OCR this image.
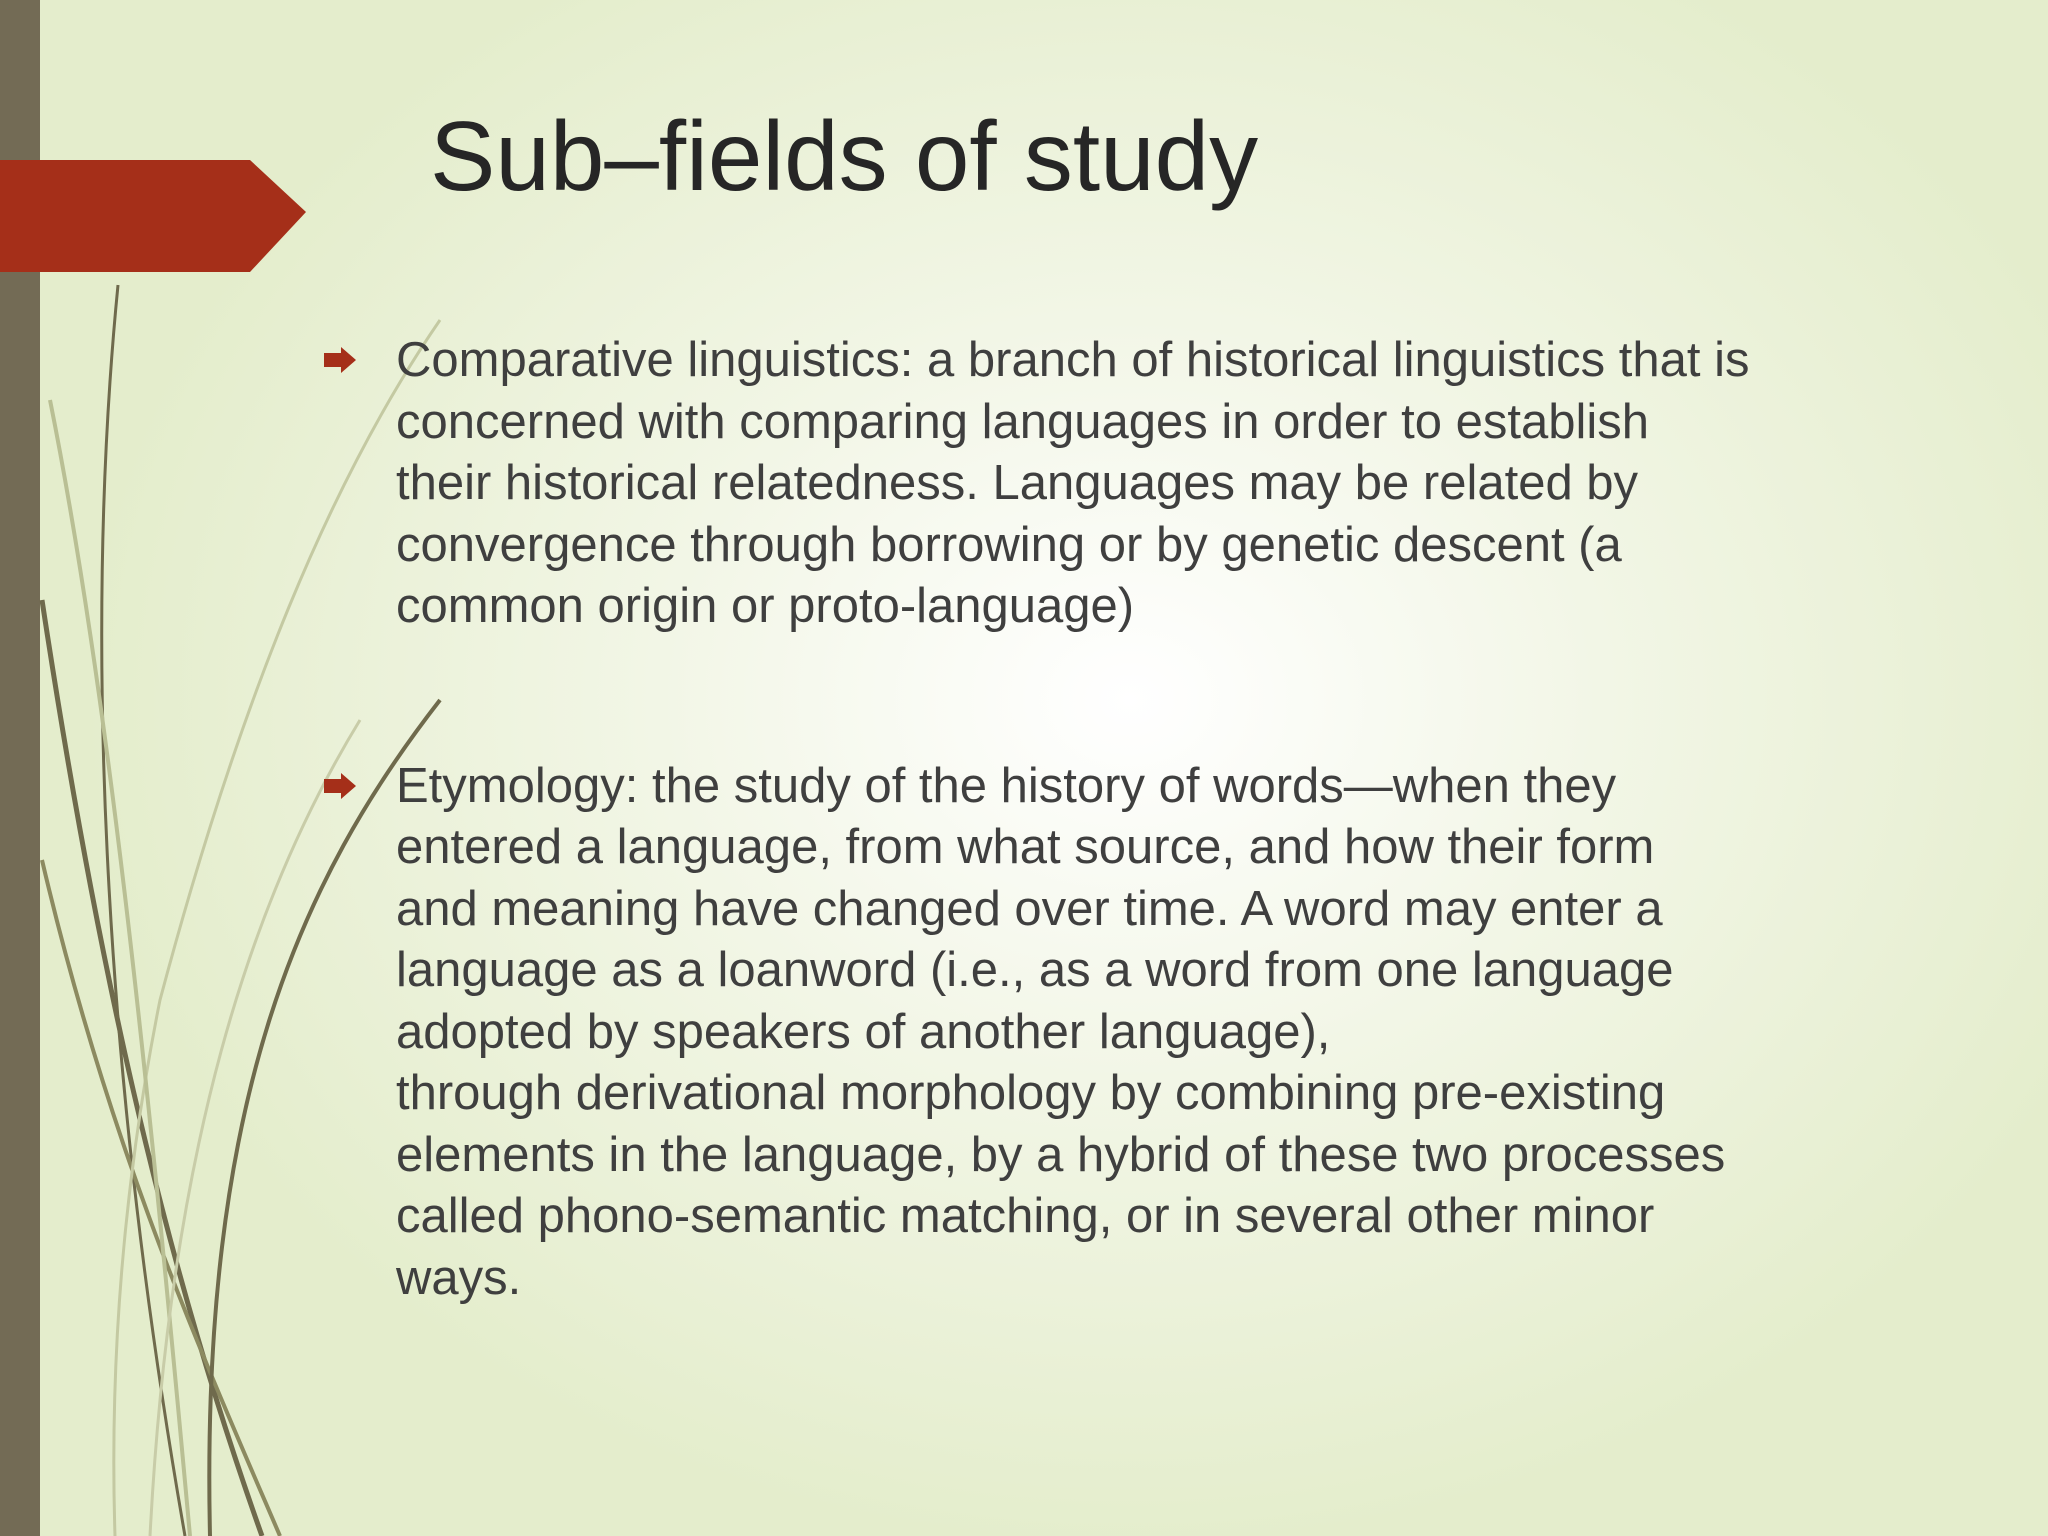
Sub–fields of study
Comparative linguistics: a branch of historical linguistics that is
concerned with comparing languages in order to establish
their historical relatedness. Languages may be related by
convergence through borrowing or by genetic descent (a
common origin or proto-language)
Etymology: the study of the history of words—when they
entered a language, from what source, and how their form
and meaning have changed over time. A word may enter a
language as a loanword (i.e., as a word from one language
adopted by speakers of another language),
through derivational morphology by combining pre-existing
elements in the language, by a hybrid of these two processes
called phono-semantic matching, or in several other minor
ways.
